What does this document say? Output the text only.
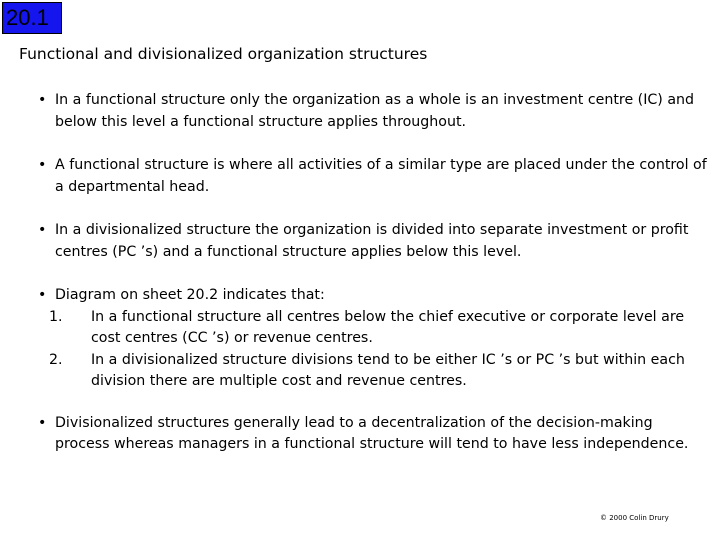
20.1
Functional and divisionalized organization structures

• In a functional structure only the organization as a whole is an investment centre (IC) and below this level a functional structure applies throughout.

• A functional structure is where all activities of a similar type are placed under the control of a departmental head.

• In a divisionalized structure the organization is divided into separate investment or profit centres (PC ’s) and a functional structure applies below this level.

• Diagram on sheet 20.2 indicates that:

1. In a functional structure all centres below the chief executive or corporate level are cost centres (CC ’s) or revenue centres.

2. In a divisionalized structure divisions tend to be either IC ’s or PC ’s but within each division there are multiple cost and revenue centres.

• Divisionalized structures generally lead to a decentralization of the decision-making process whereas managers in a functional structure will tend to have less independence.

© 2000 Colin Drury
